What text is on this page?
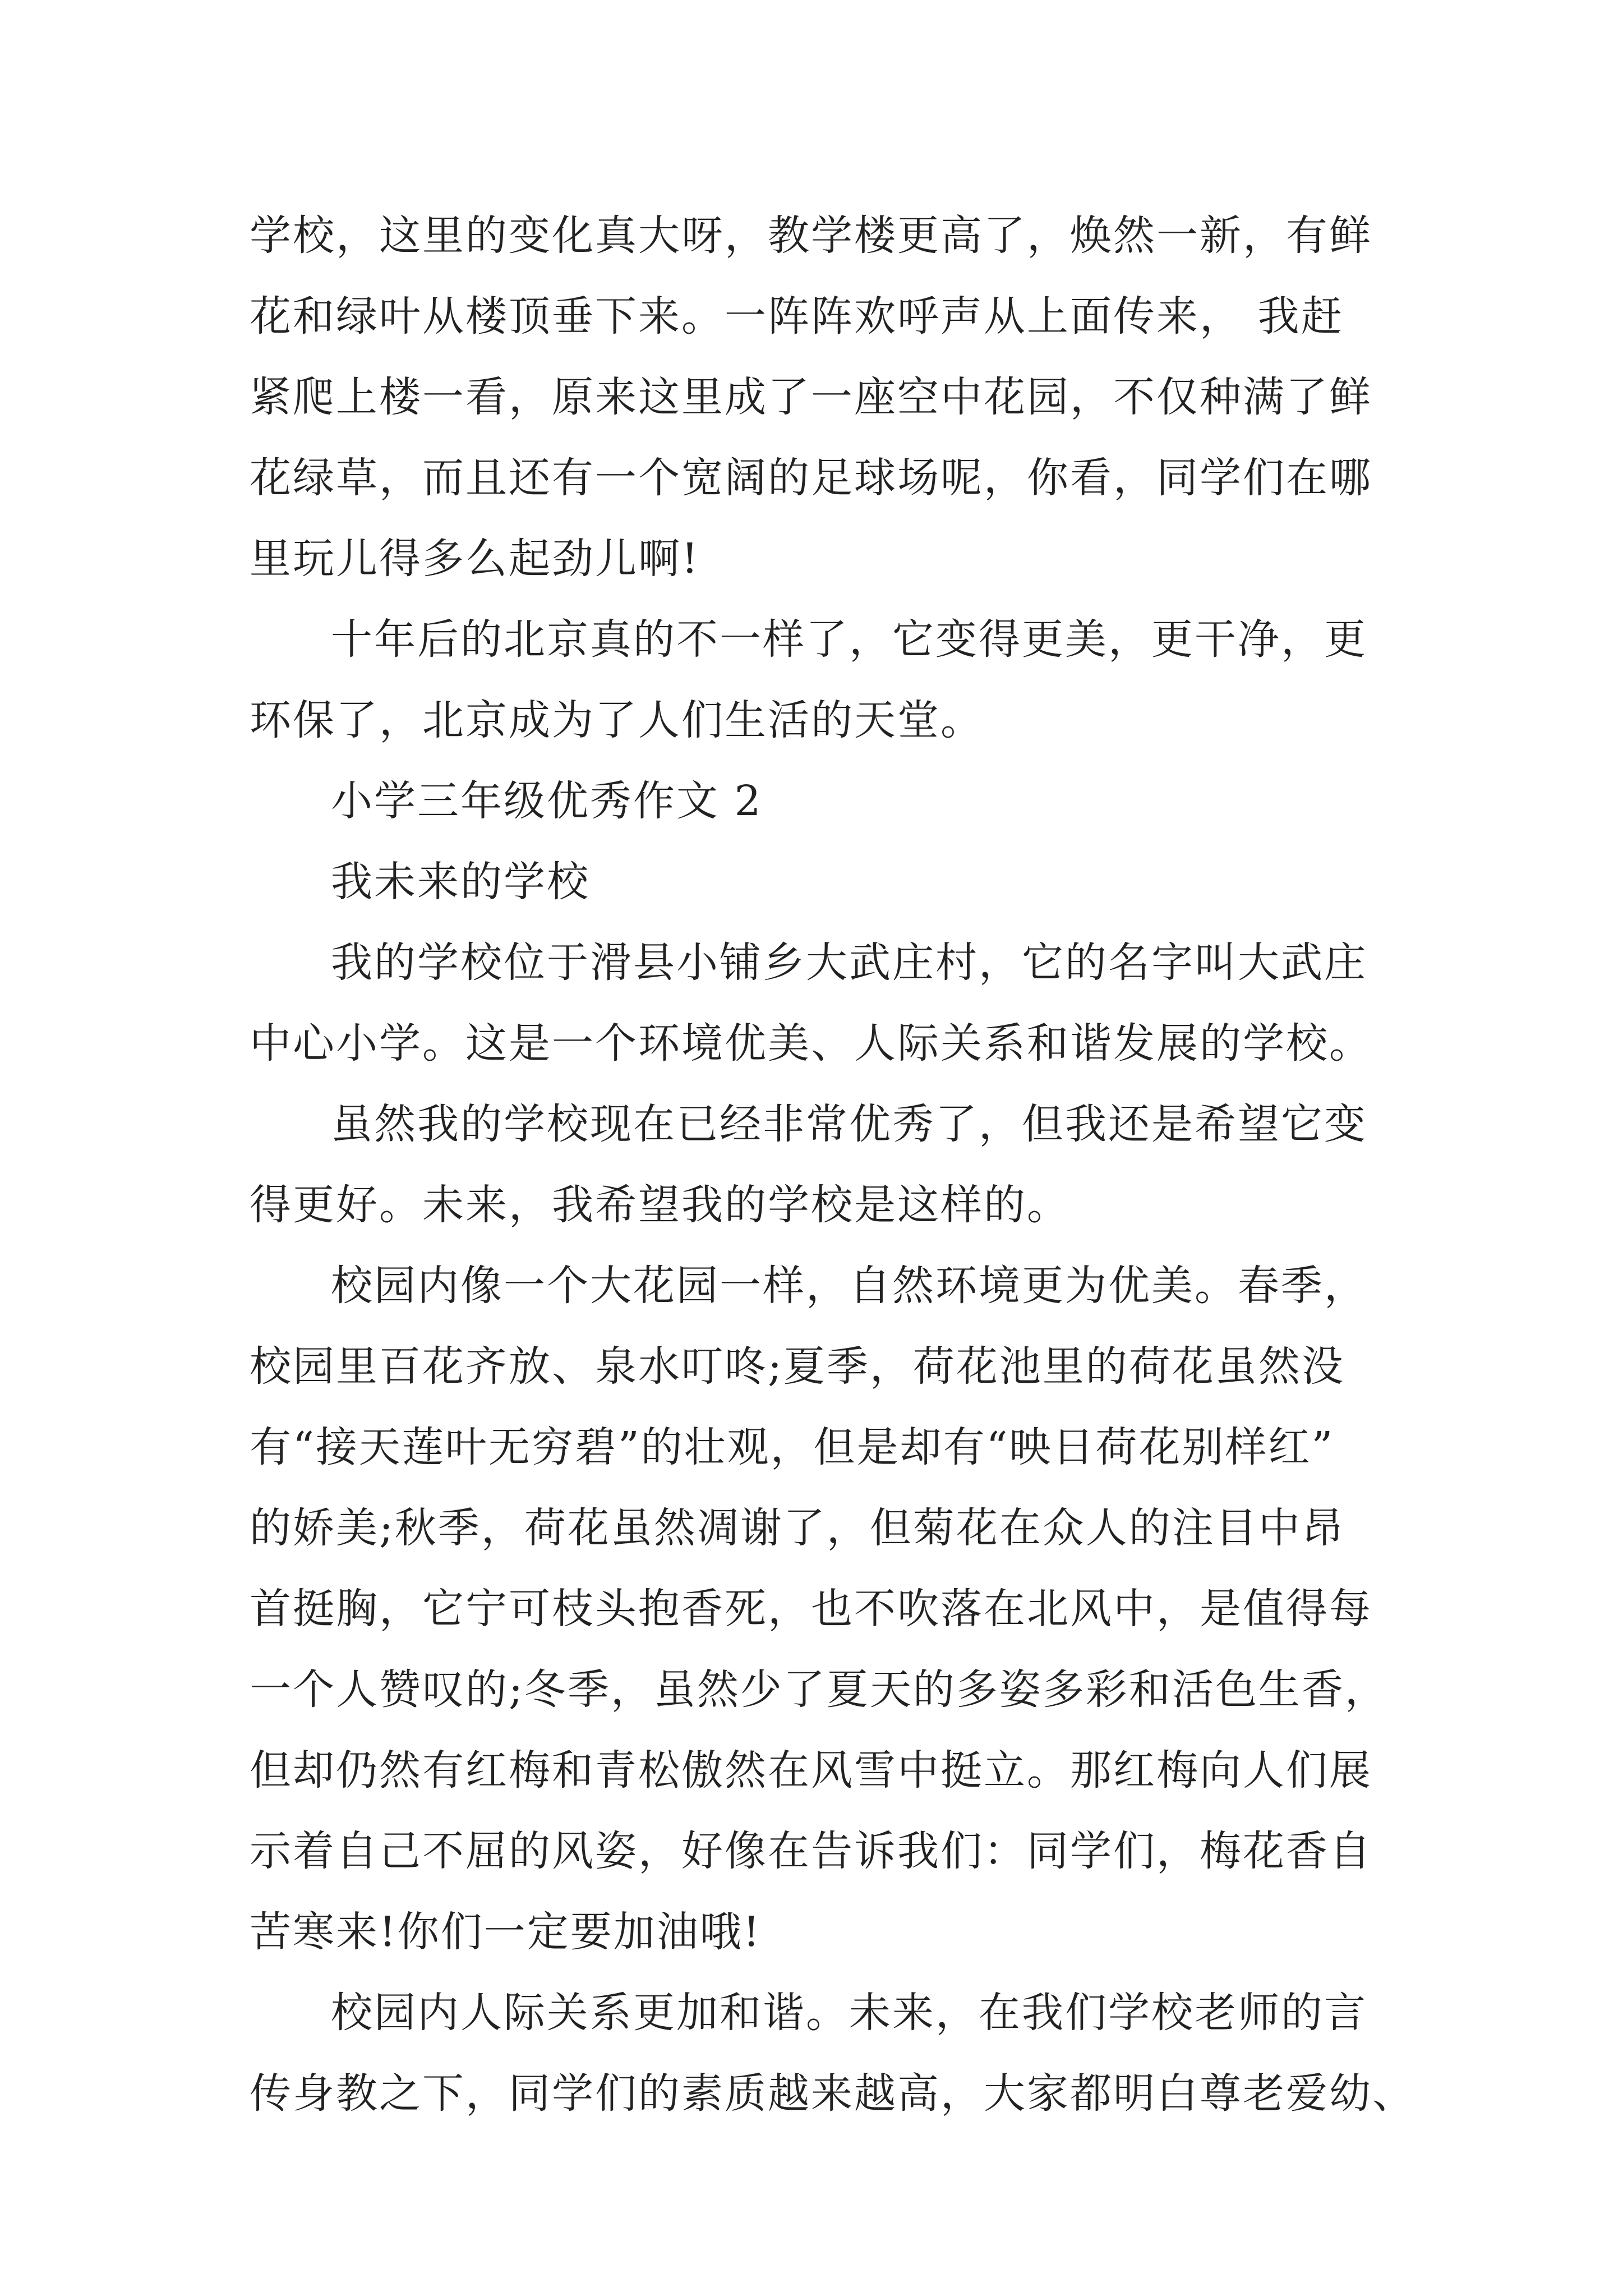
学校，这里的变化真大呀，教学楼更高了，焕然一新，有鲜
花和绿叶从楼顶垂下来。一阵阵欢呼声从上面传来， 我赶
紧爬上楼一看，原来这里成了一座空中花园，不仅种满了鲜
花绿草，而且还有一个宽阔的足球场呢，你看，同学们在哪
里玩儿得多么起劲儿啊!
十年后的北京真的不一样了，它变得更美，更干净，更
环保了，北京成为了人们生活的天堂。
小学三年级优秀作文 2
我未来的学校
我的学校位于滑县小铺乡大武庄村，它的名字叫大武庄
中心小学。这是一个环境优美、人际关系和谐发展的学校。
虽然我的学校现在已经非常优秀了，但我还是希望它变
得更好。未来，我希望我的学校是这样的。
校园内像一个大花园一样，自然环境更为优美。春季，
校园里百花齐放、泉水叮咚;夏季，荷花池里的荷花虽然没
有“接天莲叶无穷碧”的壮观，但是却有“映日荷花别样红”
的娇美;秋季，荷花虽然凋谢了，但菊花在众人的注目中昂
首挺胸，它宁可枝头抱香死，也不吹落在北风中，是值得每
一个人赞叹的;冬季，虽然少了夏天的多姿多彩和活色生香，
但却仍然有红梅和青松傲然在风雪中挺立。那红梅向人们展
示着自己不屈的风姿，好像在告诉我们：同学们，梅花香自
苦寒来!你们一定要加油哦!
校园内人际关系更加和谐。未来，在我们学校老师的言
传身教之下，同学们的素质越来越高，大家都明白尊老爱幼、
